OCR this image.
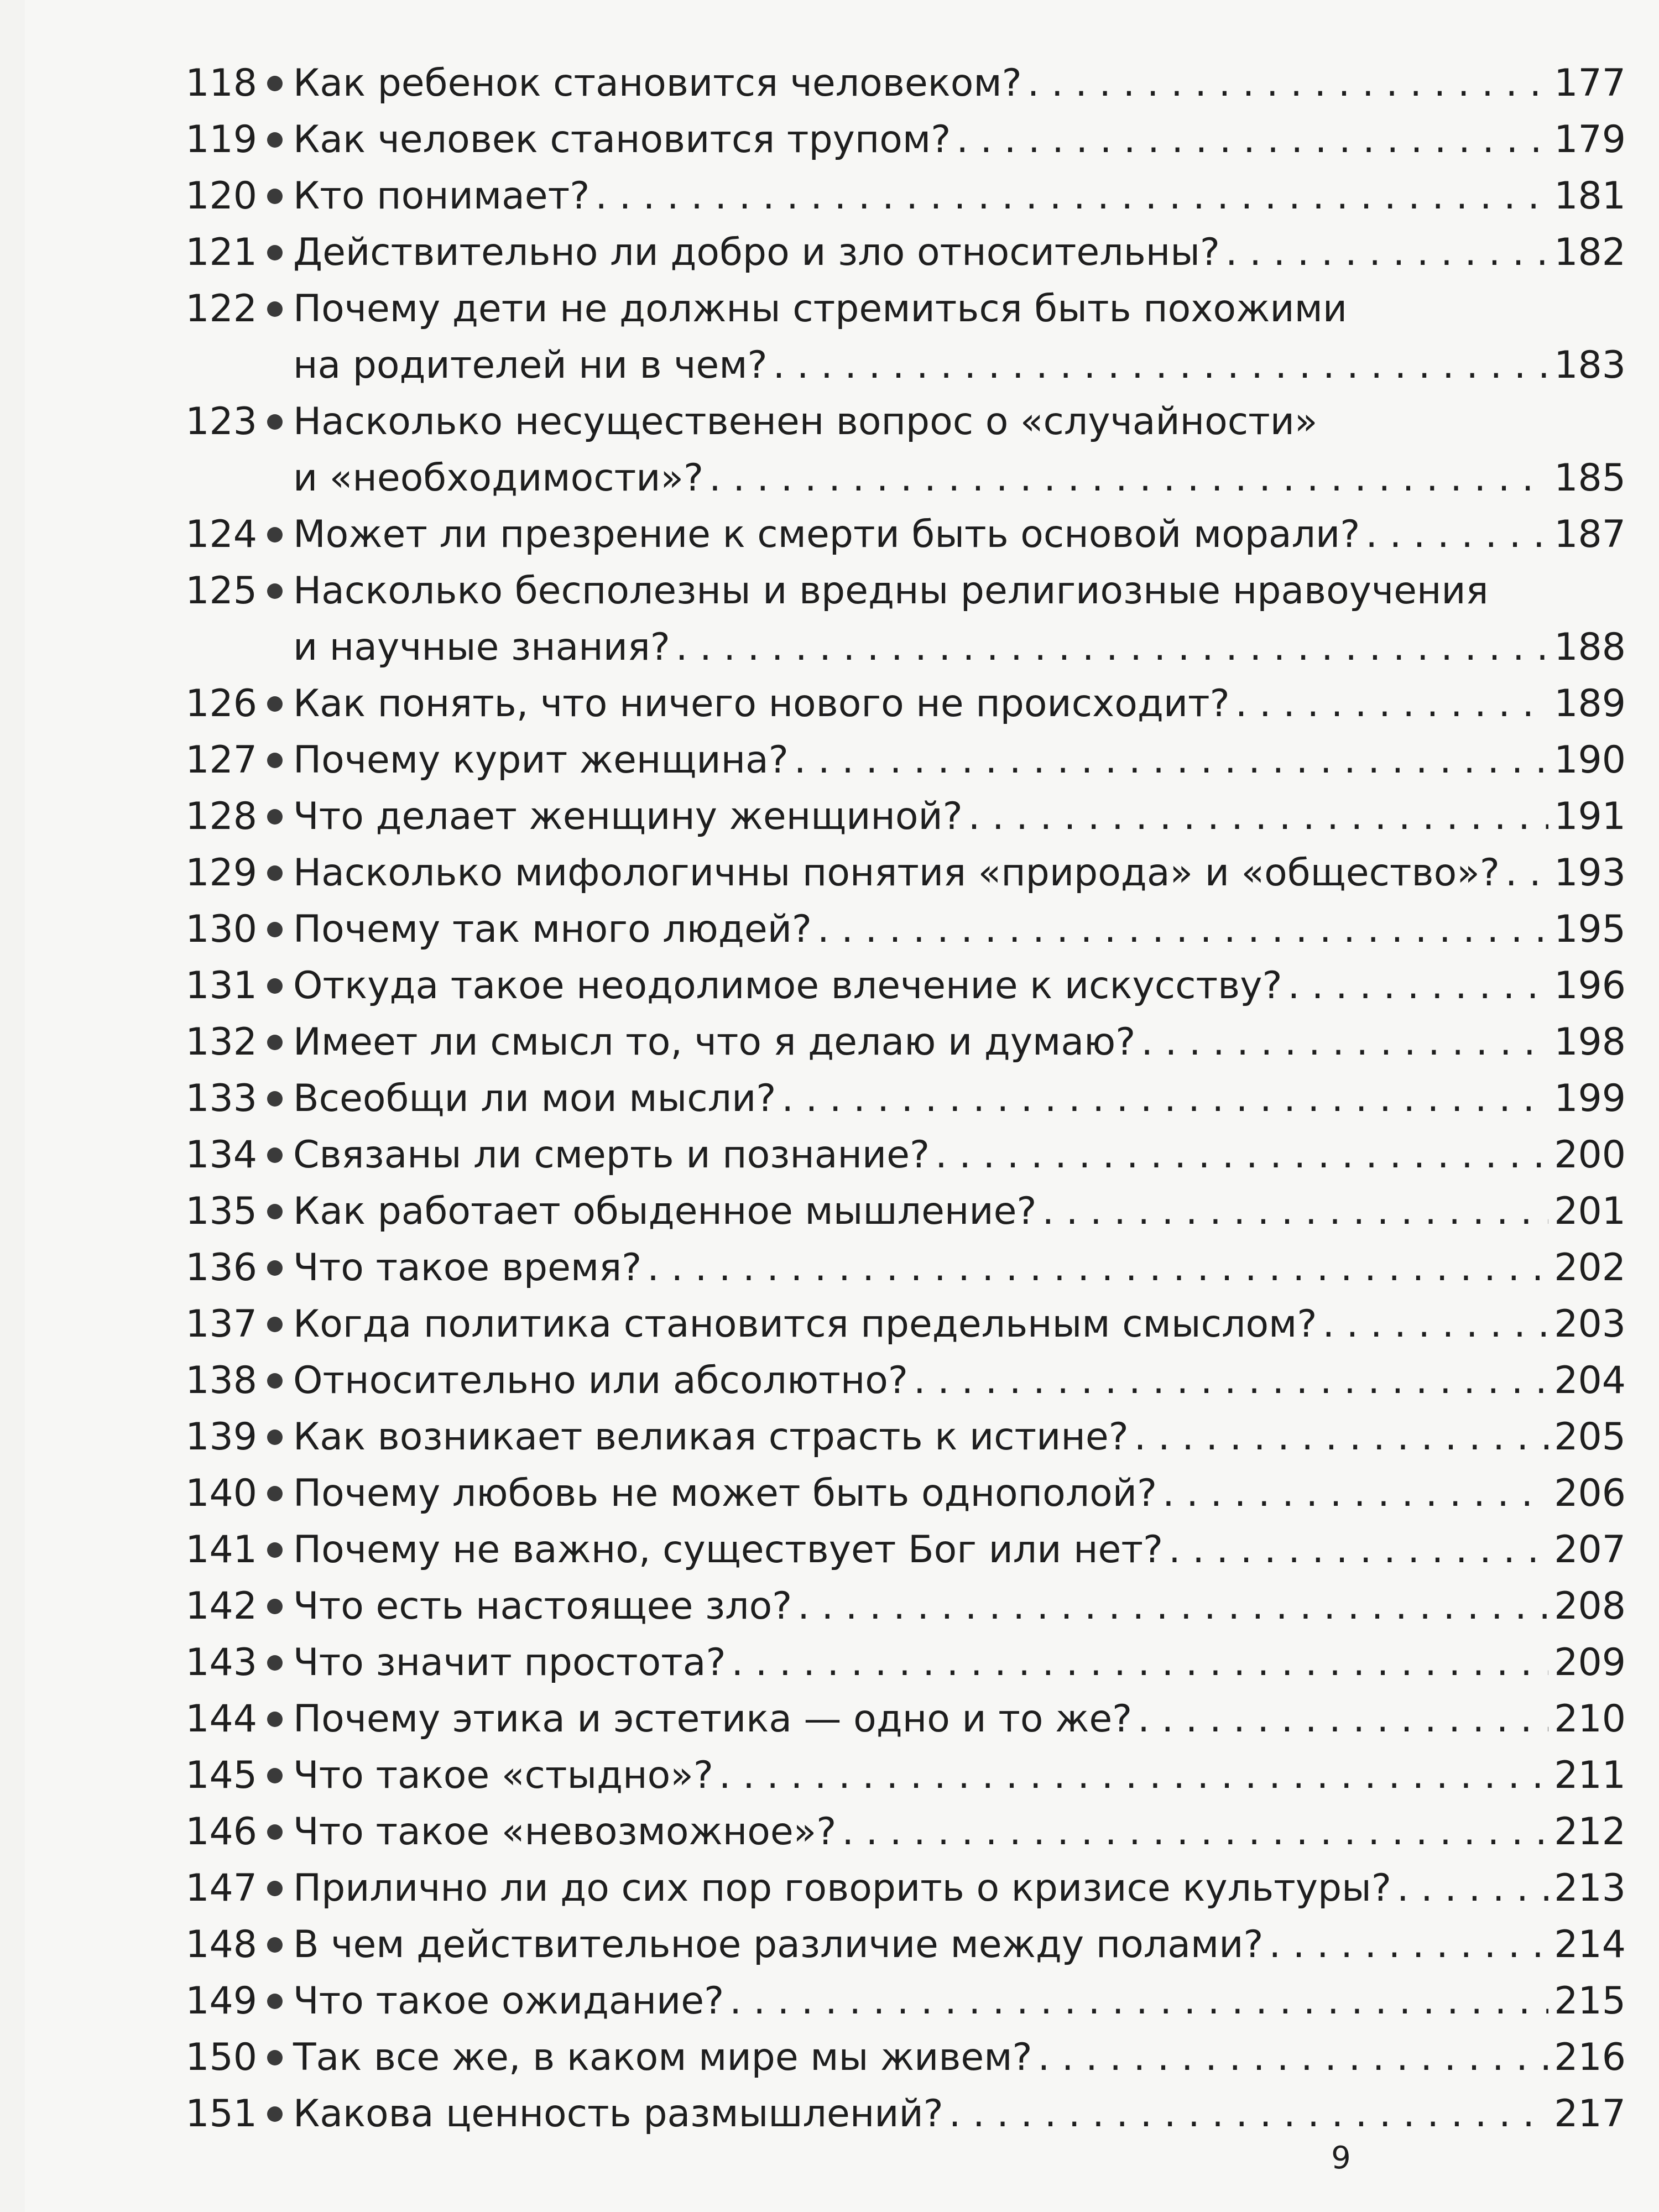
118 Как ребенок становится человеком? . . .	177
119 Как человек становится трупом? . . .	179
120 Кто понимает? . . .	181
121 Действительно ли добро и зло относительны? . . .	182
122 Почему дети не должны стремиться быть похожими
на родителей ни в чем? . . .	183
123 Насколько несущественен вопрос о «случайности»
и «необходимости»? . . .	185
124 Может ли презрение к смерти быть основой морали? . . .	187
125 Насколько бесполезны и вредны религиозные нравоучения
и научные знания? . . .	188
126 Как понять, что ничего нового не происходит? . . .	189
127 Почему курит женщина? . . .	190
128 Что делает женщину женщиной? . . .	191
129 Насколько мифологичны понятия «природа» и «общество»? . . . 193
130 Почему так много людей? . . .	195
131 Откуда такое неодолимое влечение к искусству? . . .	196
132 Имеет ли смысл то, что я делаю и думаю? . . .	198
133 Всеобщи ли мои мысли? . . .	199
134 Связаны ли смерть и познание? . . .	200
135 Как работает обыденное мышление? . . .	201
136 Что такое время? . . .	202
137 Когда политика становится предельным смыслом? . . .	203
138 Относительно или абсолютно? . . .	204
139 Как возникает великая страсть к истине? . . .	205
140 Почему любовь не может быть однополой? . . .	206
141 Почему не важно, существует Бог или нет? . . .	207
142 Что есть настоящее зло? . . .	208
143 Что значит простота? . . .	209
144 Почему этика и эстетика — одно и то же? . . .	210
145 Что такое «стыдно»? . . .	211
146 Что такое «невозможное»? . . .	212
147 Прилично ли до сих пор говорить о кризисе культуры? . . .	213
148 В чем действительное различие между полами? . . .	214
149 Что такое ожидание? . . .	215
150 Так все же, в каком мире мы живем? . . .	216
151 Какова ценность размышлений? . . .	217
9
